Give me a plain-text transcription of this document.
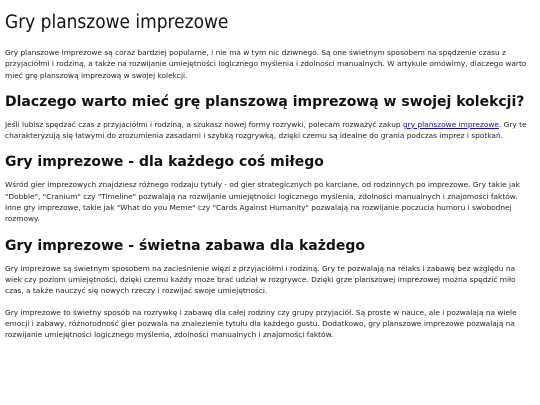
Gry planszowe imprezowe

Gry planszowe imprezowe są coraz bardziej popularne, i nie ma w tym nic dziwnego. Są one świetnym sposobem na spędzenie czasu z przyjaciółmi i rodziną, a także na rozwijanie umiejętności logicznego myślenia i zdolności manualnych. W artykule omówimy, dlaczego warto mieć grę planszową imprezową w swojej kolekcji.

Dlaczego warto mieć grę planszową imprezową w swojej kolekcji?

Jeśli lubisz spędzać czas z przyjaciółmi i rodziną, a szukasz nowej formy rozrywki, polecam rozważyć zakup gry planszowe imprezowe. Gry te charakteryzują się łatwymi do zrozumienia zasadami i szybką rozgrywką, dzięki czemu są idealne do grania podczas imprez i spotkań.

Gry imprezowe - dla każdego coś miłego

Wśród gier imprezowych znajdziesz różnego rodzaju tytuły - od gier strategicznych po karciane, od rodzinnych po imprezowe. Gry takie jak "Dobble", "Cranium" czy "Timeline" pozwalają na rozwijanie umiejętności logicznego myślenia, zdolności manualnych i znajomości faktów. Inne gry imprezowe, takie jak "What do you Meme" czy "Cards Against Humanity" pozwalają na rozwijanie poczucia humoru i swobodnej rozmowy.

Gry imprezowe - świetna zabawa dla każdego

Gry imprezowe są świetnym sposobem na zacieśnienie więzi z przyjaciółmi i rodziną. Gry te pozwalają na relaks i zabawę bez względu na wiek czy poziom umiejętności, dzięki czemu każdy może brać udział w rozgrywce. Dzięki grze planszowej imprezowej można spędzić miło czas, a także nauczyć się nowych rzeczy i rozwijać swoje umiejętności.

Gry imprezowe to świetny sposób na rozrywkę i zabawę dla całej rodziny czy grupy przyjaciół. Są proste w nauce, ale i pozwalają na wiele emocji i zabawy, różnorodność gier pozwala na znalezienie tytułu dla każdego gustu. Dodatkowo, gry planszowe imprezowe pozwalają na rozwijanie umiejętności logicznego myślenia, zdolności manualnych i znajomości faktów.
